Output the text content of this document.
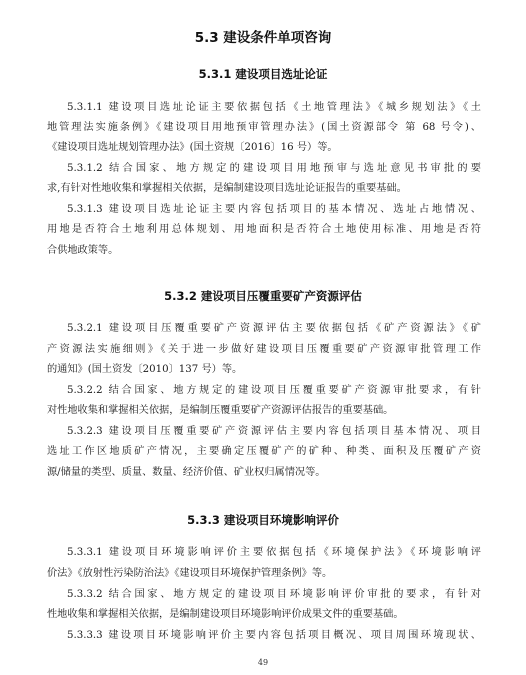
5.3 建设条件单项咨询
5.3.1 建设项目选址论证
5.3.1.1 建设项目选址论证主要依据包括《土地管理法》《城乡规划法》《土
地管理法实施条例》《建设项目用地预审管理办法》(国土资源部令 第 68 号令)、
《建设项目选址规划管理办法》(国土资规〔2016〕16 号）等。
5.3.1.2 结合国家、地方规定的建设项目用地预审与选址意见书审批的要
求,有针对性地收集和掌握相关依据，是编制建设项目选址论证报告的重要基础。
5.3.1.3 建设项目选址论证主要内容包括项目的基本情况、选址占地情况、
用地是否符合土地利用总体规划、用地面积是否符合土地使用标准、用地是否符
合供地政策等。
5.3.2 建设项目压覆重要矿产资源评估
5.3.2.1 建设项目压覆重要矿产资源评估主要依据包括《矿产资源法》《矿
产资源法实施细则》《关于进一步做好建设项目压覆重要矿产资源审批管理工作
的通知》(国土资发〔2010〕137 号）等。
5.3.2.2 结合国家、地方规定的建设项目压覆重要矿产资源审批要求，有针
对性地收集和掌握相关依据，是编制压覆重要矿产资源评估报告的重要基础。
5.3.2.3 建设项目压覆重要矿产资源评估主要内容包括项目基本情况、项目
选址工作区地质矿产情况，主要确定压覆矿产的矿种、种类、面积及压覆矿产资
源/储量的类型、质量、数量、经济价值、矿业权归属情况等。
5.3.3 建设项目环境影响评价
5.3.3.1 建设项目环境影响评价主要依据包括《环境保护法》《环境影响评
价法》《放射性污染防治法》《建设项目环境保护管理条例》等。
5.3.3.2 结合国家、地方规定的建设项目环境影响评价审批的要求，有针对
性地收集和掌握相关依据，是编制建设项目环境影响评价成果文件的重要基础。
5.3.3.3 建设项目环境影响评价主要内容包括项目概况、项目周围环境现状、
49
